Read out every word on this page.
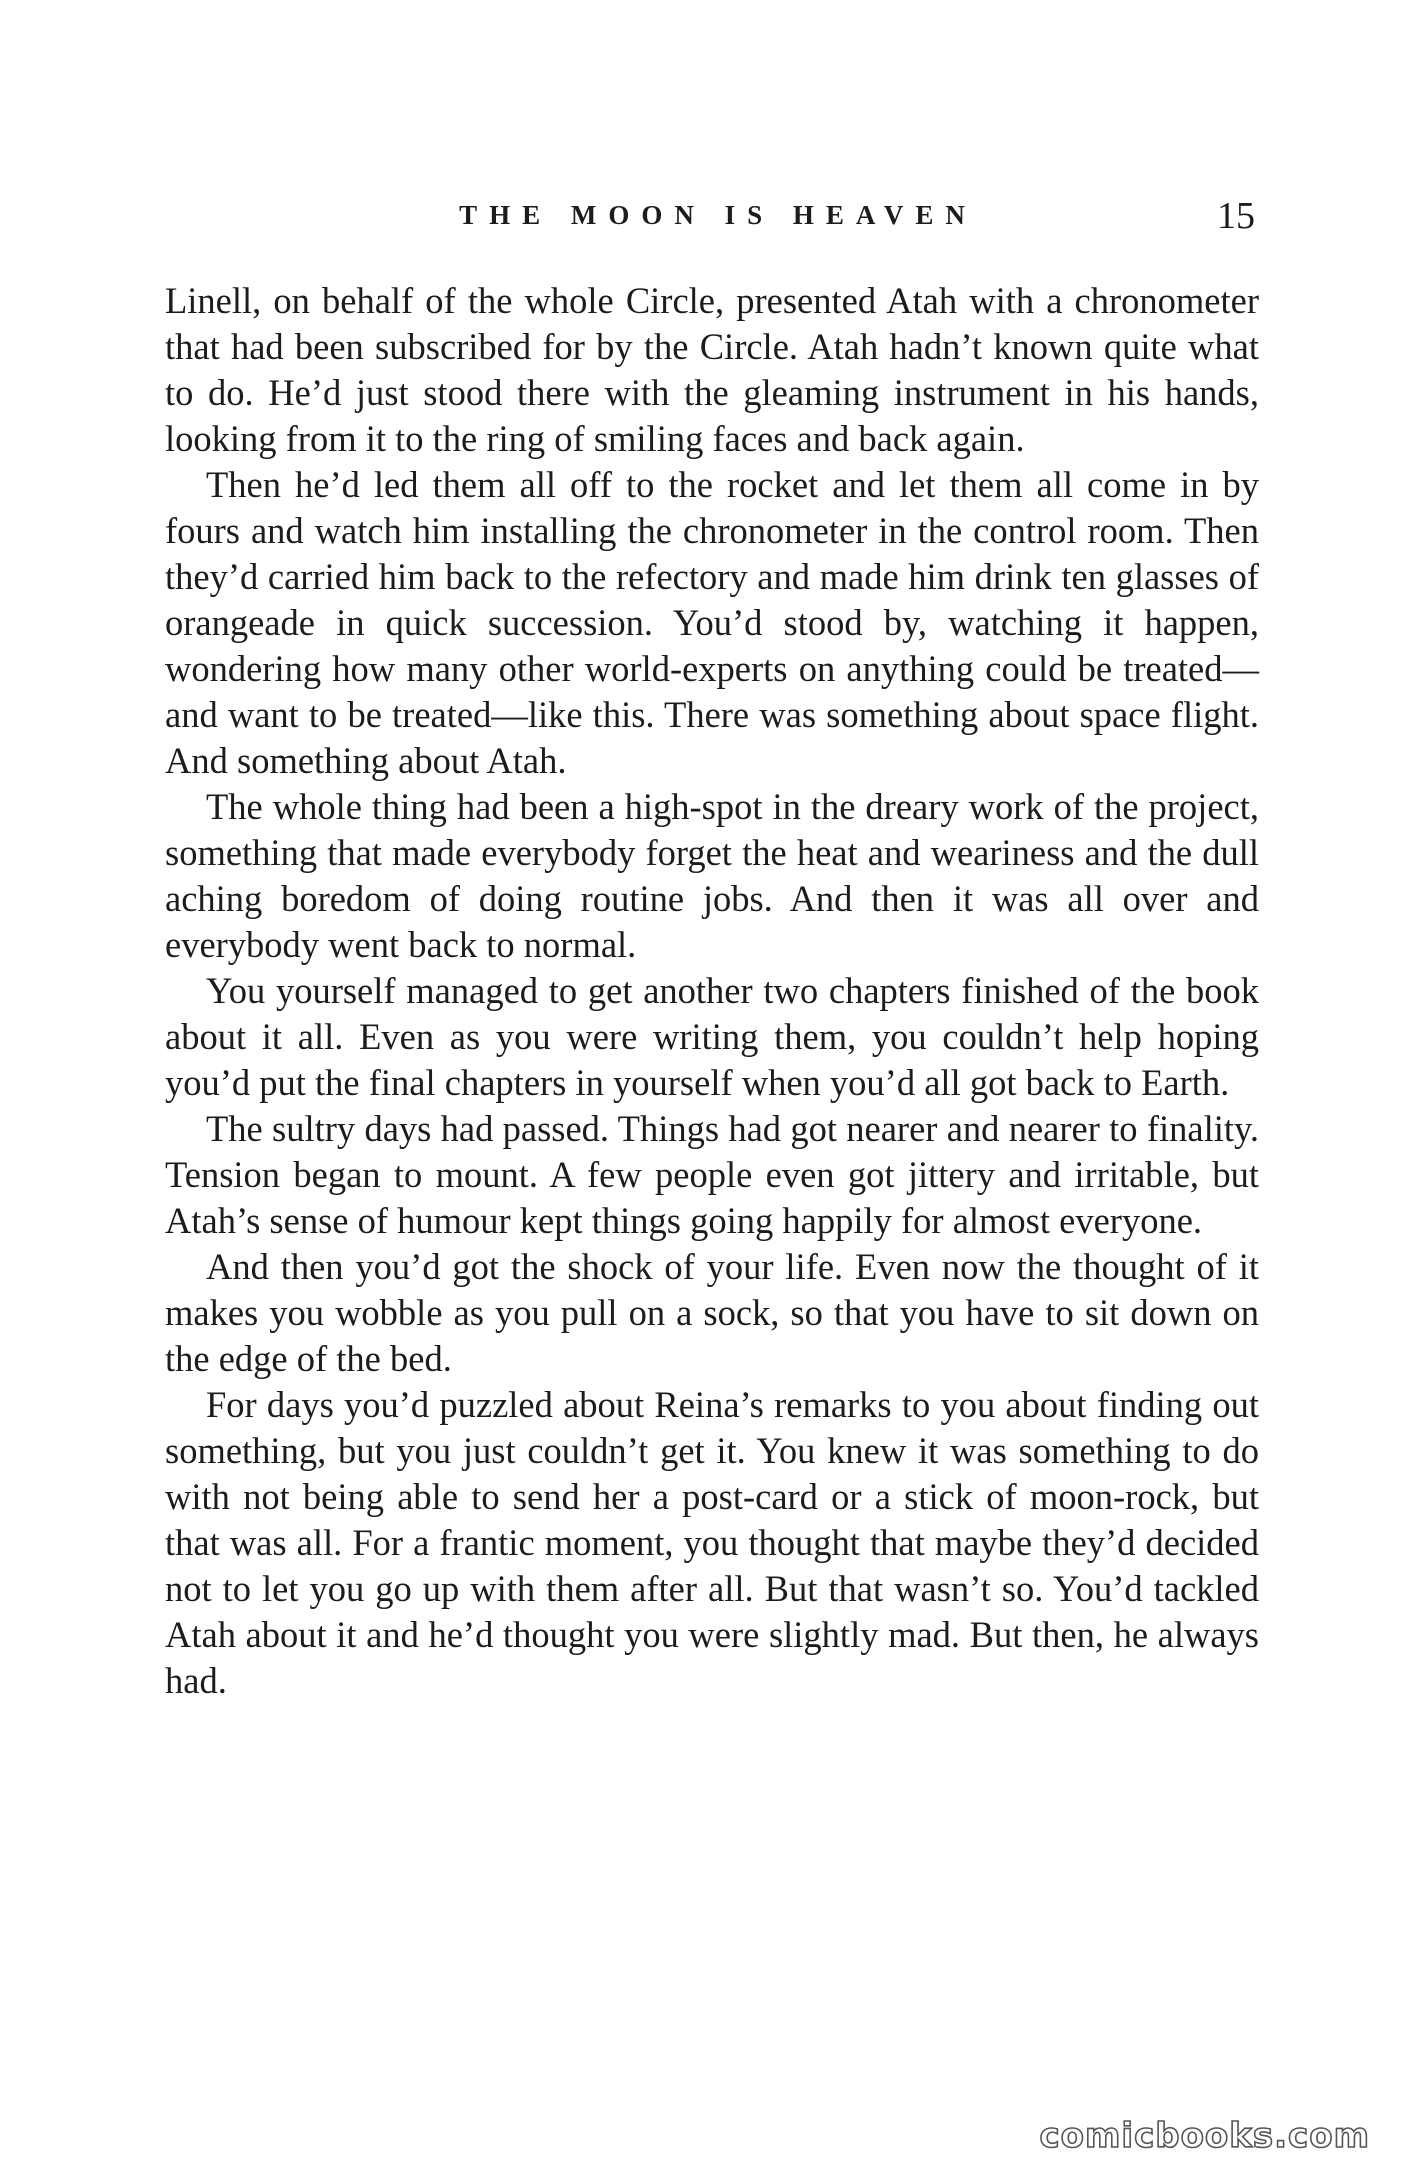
THE MOON IS HEAVEN	15

Linell, on behalf of the whole Circle, presented Atah with a chronometer that had been subscribed for by the Circle. Atah hadn’t known quite what to do. He’d just stood there with the gleaming instrument in his hands, looking from it to the ring of smiling faces and back again.

Then he’d led them all off to the rocket and let them all come in by fours and watch him installing the chronometer in the control room. Then they’d carried him back to the refectory and made him drink ten glasses of orangeade in quick succession. You’d stood by, watching it happen, wondering how many other world-experts on anything could be treated—and want to be treated—like this. There was something about space flight. And something about Atah.

The whole thing had been a high-spot in the dreary work of the project, something that made everybody forget the heat and weariness and the dull aching boredom of doing routine jobs. And then it was all over and everybody went back to normal.

You yourself managed to get another two chapters finished of the book about it all. Even as you were writing them, you couldn’t help hoping you’d put the final chapters in yourself when you’d all got back to Earth.

The sultry days had passed. Things had got nearer and nearer to finality. Tension began to mount. A few people even got jittery and irritable, but Atah’s sense of humour kept things going happily for almost everyone.

And then you’d got the shock of your life. Even now the thought of it makes you wobble as you pull on a sock, so that you have to sit down on the edge of the bed.

For days you’d puzzled about Reina’s remarks to you about finding out something, but you just couldn’t get it. You knew it was something to do with not being able to send her a post-card or a stick of moon-rock, but that was all. For a frantic moment, you thought that maybe they’d decided not to let you go up with them after all. But that wasn’t so. You’d tackled Atah about it and he’d thought you were slightly mad. But then, he always had.

comicbooks.com
